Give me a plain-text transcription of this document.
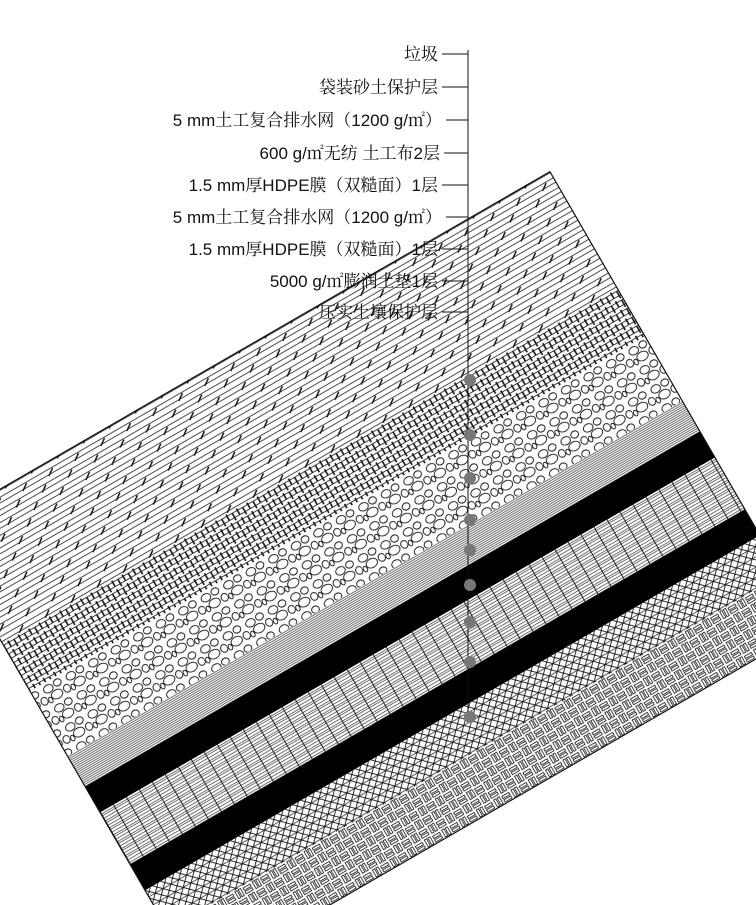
垃圾
袋装砂土保护层
5 mm土工复合排水网（1200 g/㎡）
600 g/㎡无纺 土工布2层
1.5 mm厚HDPE膜（双糙面）1层
5 mm土工复合排水网（1200 g/㎡）
1.5 mm厚HDPE膜（双糙面）1层
5000 g/㎡膨润土垫1层
压实土壤保护层
